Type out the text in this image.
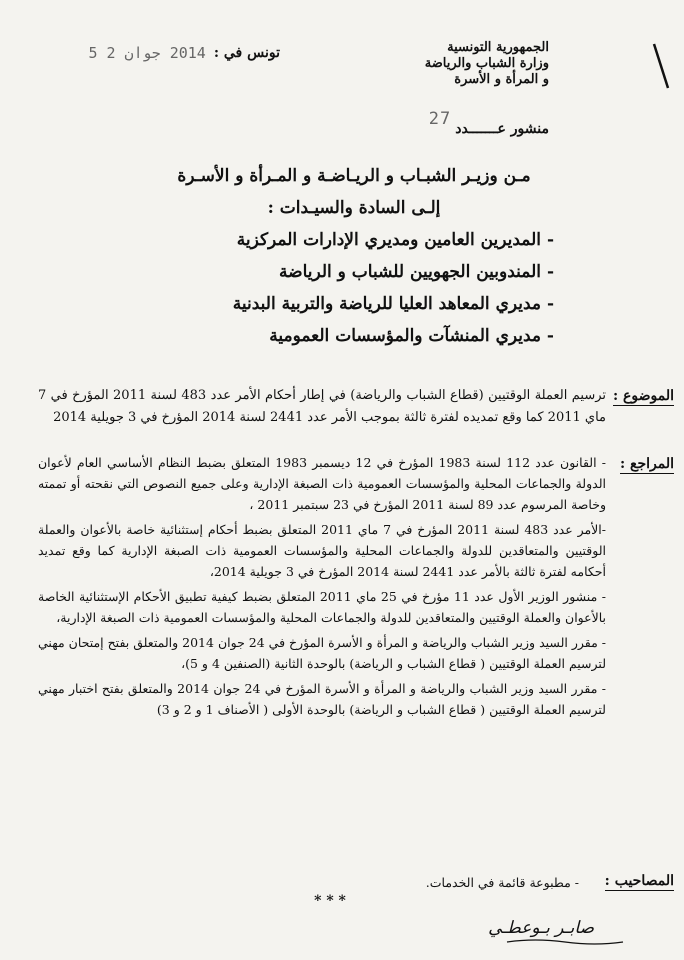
الجمهورية التونسية
وزارة الشباب والرياضة
و المرأة و الأسرة
تونس في :
2014 جوان 2 5
منشور عـــــــدد
27
مـن وزيـر الشبـاب و الريـاضـة و المـرأة و الأسـرة
إلـى السادة والسيـدات :
- المديرين العامين ومديري الإدارات المركزية
- المندوبين الجهويين للشباب و الرياضة
- مديري المعاهد العليا للرياضة والتربية البدنية
- مديري المنشآت والمؤسسات العمومية
الموضوع :
ترسيم العملة الوقتيين (قطاع الشباب والرياضة) في إطار أحكام الأمر عدد 483 لسنة 2011 المؤرخ في 7 ماي 2011 كما وقع تمديده لفترة ثالثة بموجب الأمر عدد 2441 لسنة 2014 المؤرخ في 3 جويلية 2014
المراجع :
- القانون عدد 112 لسنة 1983 المؤرخ في 12 ديسمبر 1983 المتعلق بضبط النظام الأساسي العام لأعوان الدولة والجماعات المحلية والمؤسسات العمومية ذات الصبغة الإدارية وعلى جميع النصوص التي نقحته أو تممته وخاصة المرسوم عدد 89 لسنة 2011 المؤرخ في 23 سبتمبر 2011 ،
-الأمر عدد 483 لسنة 2011 المؤرخ في 7 ماي 2011 المتعلق بضبط أحكام إستثنائية خاصة بالأعوان والعملة الوقتيين والمتعاقدين للدولة والجماعات المحلية والمؤسسات العمومية ذات الصبغة الإدارية كما وقع تمديد أحكامه لفترة ثالثة بالأمر عدد 2441 لسنة 2014 المؤرخ في 3 جويلية 2014،
- منشور الوزير الأول عدد 11 مؤرخ في 25 ماي 2011 المتعلق بضبط كيفية تطبيق الأحكام الإستثنائية الخاصة بالأعوان والعملة الوقتيين والمتعاقدين للدولة والجماعات المحلية والمؤسسات العمومية ذات الصبغة الإدارية،
- مقرر السيد وزير الشباب والرياضة و المرأة و الأسرة المؤرخ في 24 جوان 2014 والمتعلق بفتح إمتحان مهني لترسيم العملة الوقتيين ( قطاع الشباب و الرياضة) بالوحدة الثانية (الصنفين 4 و 5)،
- مقرر السيد وزير الشباب والرياضة و المرأة و الأسرة المؤرخ في 24 جوان 2014 والمتعلق بفتح اختبار مهني لترسيم العملة الوقتيين ( قطاع الشباب و الرياضة) بالوحدة الأولى ( الأصناف 1 و 2 و 3)
المصاحيب :
- مطبوعة قائمة في الخدمات.
* * *
صابـر بـوعطـي
